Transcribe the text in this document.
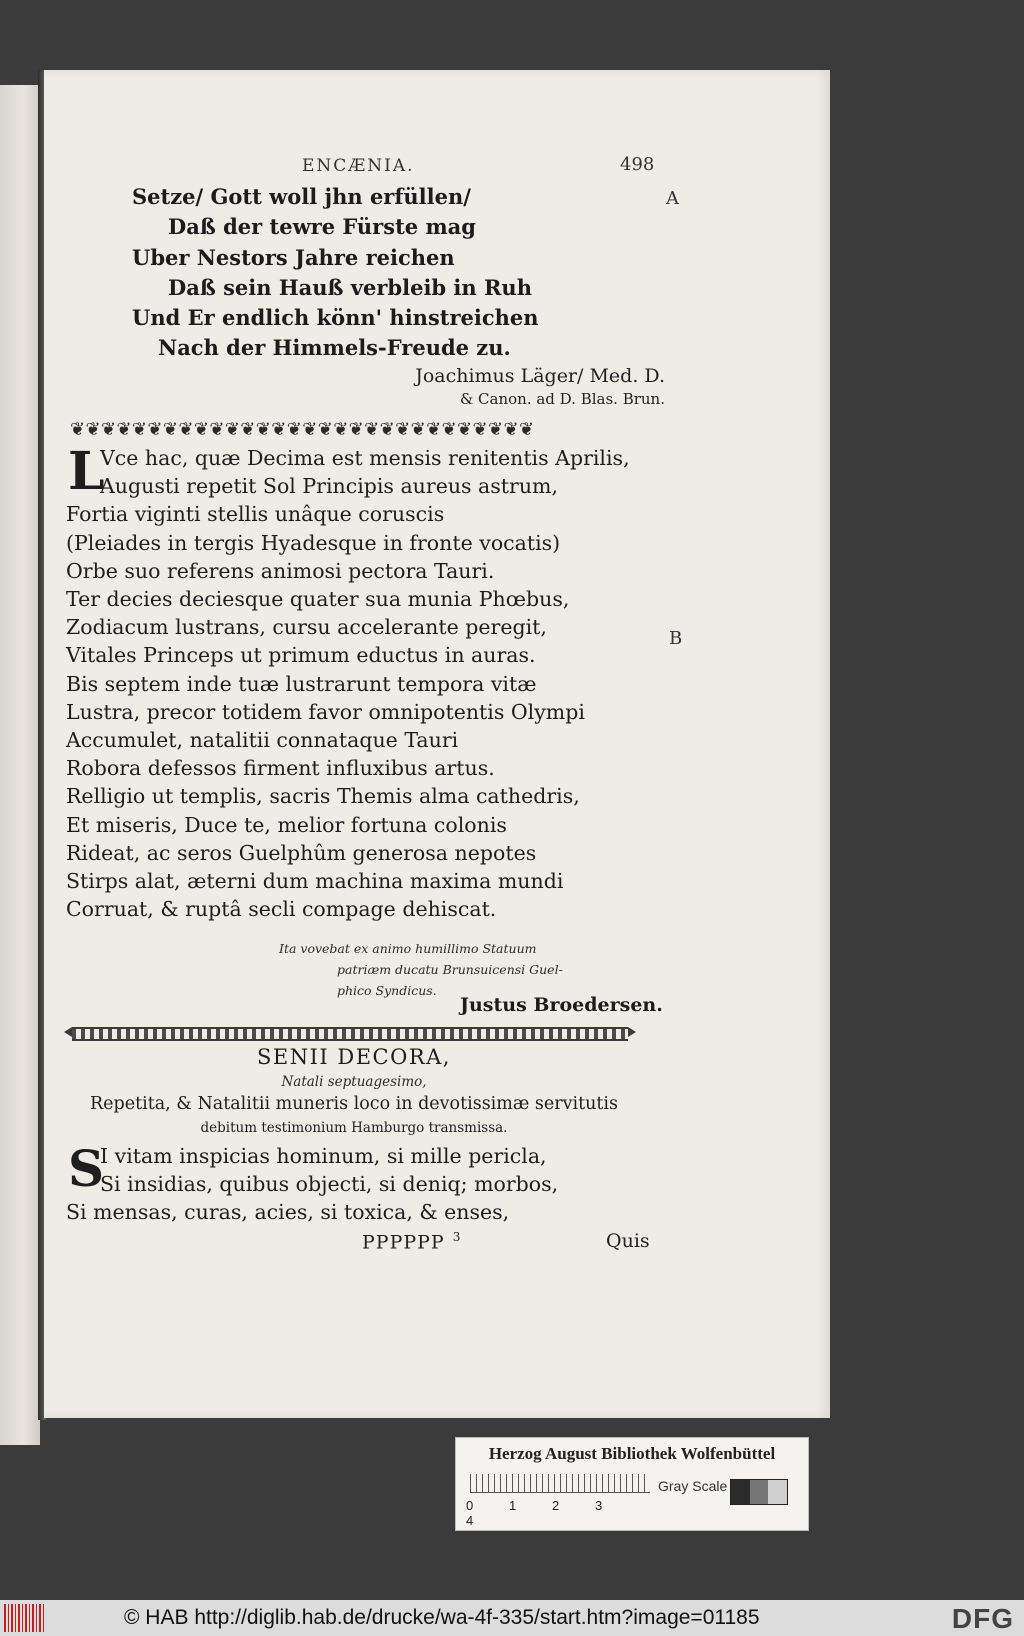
ENCÆNIA.	498
A
B
Setze/ Gott woll jhn erfüllen/
Daß der tewre Fürste mag
Uber Nestors Jahre reichen
Daß sein Hauß verbleib in Ruh
Und Er endlich könn' hinstreichen
Nach der Himmels-Freude zu.
Joachimus Läger/ Med. D.
& Canon. ad D. Blas. Brun.
❦❦❦❦❦❦❦❦❦❦❦❦❦❦❦❦❦❦❦❦❦❦❦❦❦❦❦❦❦❦
L
Vce hac, quæ Decima est mensis renitentis Aprilis,
Augusti repetit Sol Principis aureus astrum,
Fortia viginti stellis unâque coruscis
(Pleiades in tergis Hyadesque in fronte vocatis)
Orbe suo referens animosi pectora Tauri.
Ter decies deciesque quater sua munia Phœbus,
Zodiacum lustrans, cursu accelerante peregit,
Vitales Princeps ut primum eductus in auras.
Bis septem inde tuæ lustrarunt tempora vitæ
Lustra, precor totidem favor omnipotentis Olympi
Accumulet, natalitii connataque Tauri
Robora defessos firment influxibus artus.
Relligio ut templis, sacris Themis alma cathedris,
Et miseris, Duce te, melior fortuna colonis
Rideat, ac seros Guelphûm generosa nepotes
Stirps alat, æterni dum machina maxima mundi
Corruat, & ruptâ secli compage dehiscat.
Ita vovebat ex animo humillimo Statuum
patriæm ducatu Brunsuicensi Guel-
phico Syndicus.
Justus Broedersen.
SENII DECORA,
Natali septuagesimo,
Repetita, & Natalitii muneris loco in devotissimæ servitutis
debitum testimonium Hamburgo transmissa.
S
I vitam inspicias hominum, si mille pericla,
Si insidias, quibus objecti, si deniq; morbos,
Si mensas, curas, acies, si toxica, & enses,
PPPPPP $^3$	Quis
Herzog August Bibliothek Wolfenbüttel
0	1	2	34
Gray Scale
© HAB http://diglib.hab.de/drucke/wa-4f-335/start.htm?image=01185	DFG
